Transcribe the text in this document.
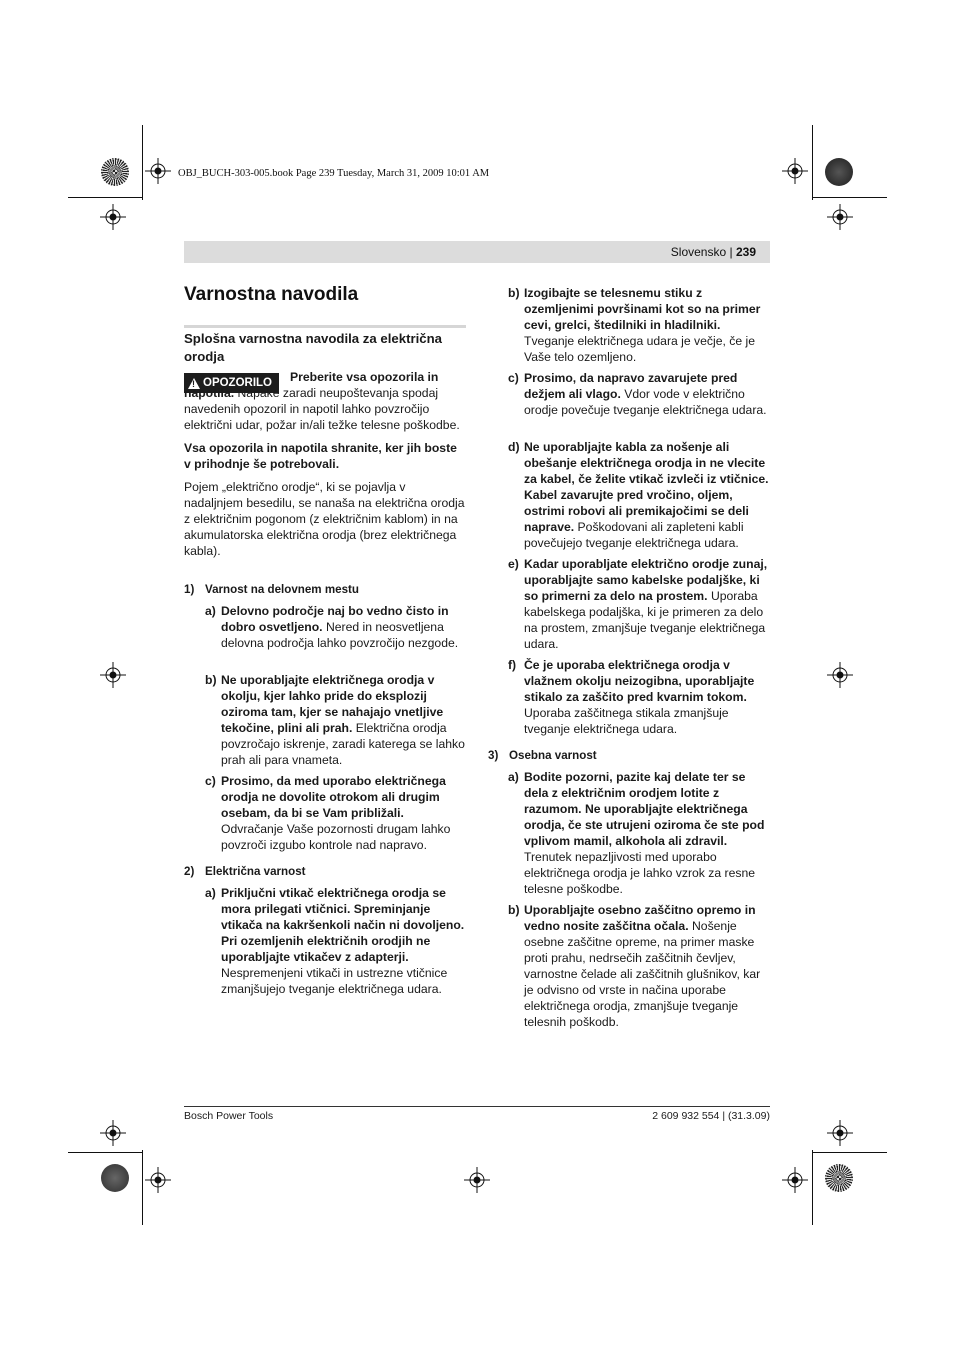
OBJ_BUCH-303-005.book Page 239 Tuesday, March 31, 2009 10:01 AM
Slovensko | 239
Varnostna navodila
Splošna varnostna navodila za električna orodja
! OPOZORILO	Preberite vsa opozorila in napotila. Napake zaradi neupoštevanja spodaj navedenih opozoril in napotil lahko povzročijo električni udar, požar in/ali težke telesne poškodbe.

Vsa opozorila in napotila shranite, ker jih boste v prihodnje še potrebovali.

Pojem „električno orodje“, ki se pojavlja v nadaljnjem besedilu, se nanaša na električna orodja z električnim pogonom (z električnim kablom) in na akumulatorska električna orodja (brez električnega kabla).

1) Varnost na delovnem mestu
a) Delovno področje naj bo vedno čisto in dobro osvetljeno. Nered in neosvetljena delovna področja lahko povzročijo nezgode.
b) Ne uporabljajte električnega orodja v okolju, kjer lahko pride do eksplozij oziroma tam, kjer se nahajajo vnetljive tekočine, plini ali prah. Električna orodja povzročajo iskrenje, zaradi katerega se lahko prah ali para vnameta.
c) Prosimo, da med uporabo električnega orodja ne dovolite otrokom ali drugim osebam, da bi se Vam približali. Odvračanje Vaše pozornosti drugam lahko povzroči izgubo kontrole nad napravo.
2) Električna varnost
a) Priključni vtikač električnega orodja se mora prilegati vtičnici. Spreminjanje vtikača na kakršenkoli način ni dovoljeno. Pri ozemljenih električnih orodjih ne uporabljajte vtikačev z adapterji. Nespremenjeni vtikači in ustrezne vtičnice zmanjšujejo tveganje električnega udara.
b) Izogibajte se telesnemu stiku z ozemljenimi površinami kot so na primer cevi, grelci, štedilniki in hladilniki. Tveganje električnega udara je večje, če je Vaše telo ozemljeno.
c) Prosimo, da napravo zavarujete pred dežjem ali vlago. Vdor vode v električno orodje povečuje tveganje električnega udara.
d) Ne uporabljajte kabla za nošenje ali obešanje električnega orodja in ne vlecite za kabel, če želite vtikač izvleči iz vtičnice. Kabel zavarujte pred vročino, oljem, ostrimi robovi ali premikajočimi se deli naprave. Poškodovani ali zapleteni kabli povečujejo tveganje električnega udara.
e) Kadar uporabljate električno orodje zunaj, uporabljajte samo kabelske podaljške, ki so primerni za delo na prostem. Uporaba kabelskega podaljška, ki je primeren za delo na prostem, zmanjšuje tveganje električnega udara.
f) Če je uporaba električnega orodja v vlažnem okolju neizogibna, uporabljajte stikalo za zaščito pred kvarnim tokom. Uporaba zaščitnega stikala zmanjšuje tveganje električnega udara.
3) Osebna varnost
a) Bodite pozorni, pazite kaj delate ter se dela z električnim orodjem lotite z razumom. Ne uporabljajte električnega orodja, če ste utrujeni oziroma če ste pod vplivom mamil, alkohola ali zdravil. Trenutek nepazljivosti med uporabo električnega orodja je lahko vzrok za resne telesne poškodbe.
b) Uporabljajte osebno zaščitno opremo in vedno nosite zaščitna očala. Nošenje osebne zaščitne opreme, na primer maske proti prahu, nedrsečih zaščitnih čevljev, varnostne čelade ali zaščitnih glušnikov, kar je odvisno od vrste in načina uporabe električnega orodja, zmanjšuje tveganje telesnih poškodb.
Bosch Power Tools	2 609 932 554 | (31.3.09)
